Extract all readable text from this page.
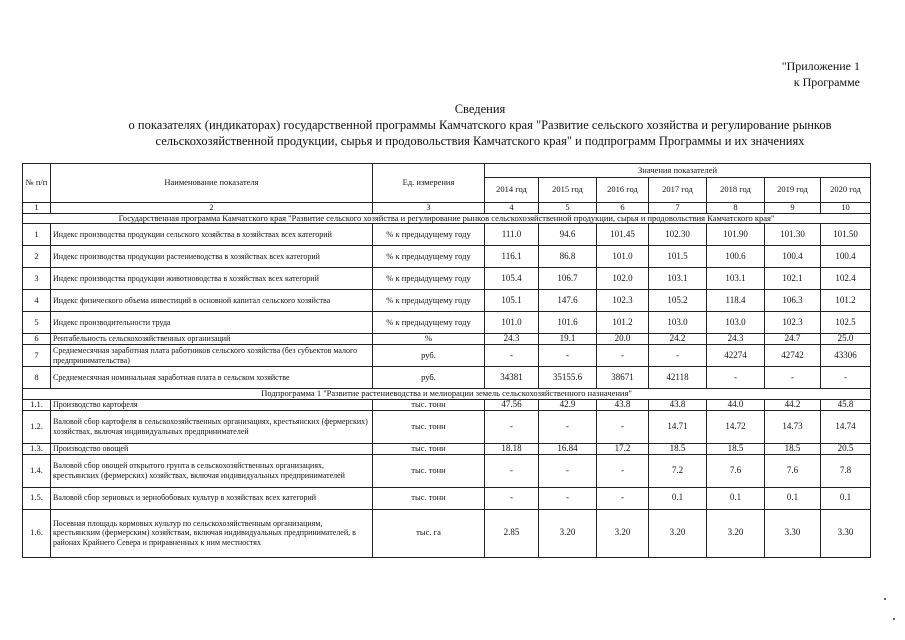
"Приложение 1
к Программе
Сведения
о показателях (индикаторах) государственной программы Камчатского края "Развитие сельского хозяйства и регулирование рынков
сельскохозяйственной продукции, сырья и продовольствия Камчатского края" и подпрограмм Программы и их значениях
№ п/п	Наименование показателя	Ед. измерения	Значения показателей						
			2014 год	2015 год	2016 год	2017 год	2018 год	2019 год	2020 год
1	2	3	4	5	6	7	8	9	10
Государственная программа Камчатского края "Развитие сельского хозяйства и регулирование рынков сельскохозяйственной продукции, сырья и продовольствия Камчатского края"									
1	Индекс производства продукции сельского хозяйства в хозяйствах всех категорий	% к предыдущему году	111.0	94.6	101.45	102.30	101.90	101.30	101.50
2	Индекс производства продукции растениеводства в хозяйствах всех категорий	% к предыдущему году	116.1	86.8	101.0	101.5	100.6	100.4	100.4
3	Индекс производства продукции животноводства в хозяйствах всех категорий	% к предыдущему году	105.4	106.7	102.0	103.1	103.1	102.1	102.4
4	Индекс физического объема инвестиций в основной капитал сельского хозяйства	% к предыдущему году	105.1	147.6	102.3	105.2	118.4	106.3	101.2
5	Индекс производительности труда	% к предыдущему году	101.0	101.6	101.2	103.0	103.0	102.3	102.5
6	Рентабельность сельскохозяйственных организаций	%	24.3	19.1	20.0	24.2	24.3	24.7	25.0
7	Среднемесячная заработная плата работников сельского хозяйства (без субъектов малого предпринимательства)	руб.	-	-	-	-	42274	42742	43306
8	Среднемесячная номинальная заработная плата в сельском хозяйстве	руб.	34381	35155.6	38671	42118	-	-	-
Подпрограмма 1 "Развитие растениеводства и мелиорации земель сельскохозяйственного назначения"									
1.1.	Производство картофеля	тыс. тонн	47.56	42.9	43.8	43.8	44.0	44.2	45.8
1.2.	Валовой сбор картофеля в сельскохозяйственных организациях, крестьянских (фермерских) хозяйствах, включая индивидуальных предпринимателей	тыс. тонн	-	-	-	14.71	14.72	14.73	14.74
1.3.	Производство овощей	тыс. тонн	18.18	16.84	17.2	18.5	18.5	18.5	20.5
1.4.	Валовой сбор овощей открытого грунта в сельскохозяйственных организациях, крестьянских (фермерских) хозяйствах, включая индивидуальных предпринимателей	тыс. тонн	-	-	-	7.2	7.6	7.6	7.8
1.5.	Валовой сбор зерновых и зернобобовых культур в хозяйствах всех категорий	тыс. тонн	-	-	-	0.1	0.1	0.1	0.1
1.6.	Посевная площадь кормовых культур по сельскохозяйственным организациям, крестьянским (фермерским) хозяйствам, включая индивидуальных предпринимателей, в районах Крайнего Севера и приравненных к ним местностях	тыс. га	2.85	3.20	3.20	3.20	3.20	3.30	3.30
